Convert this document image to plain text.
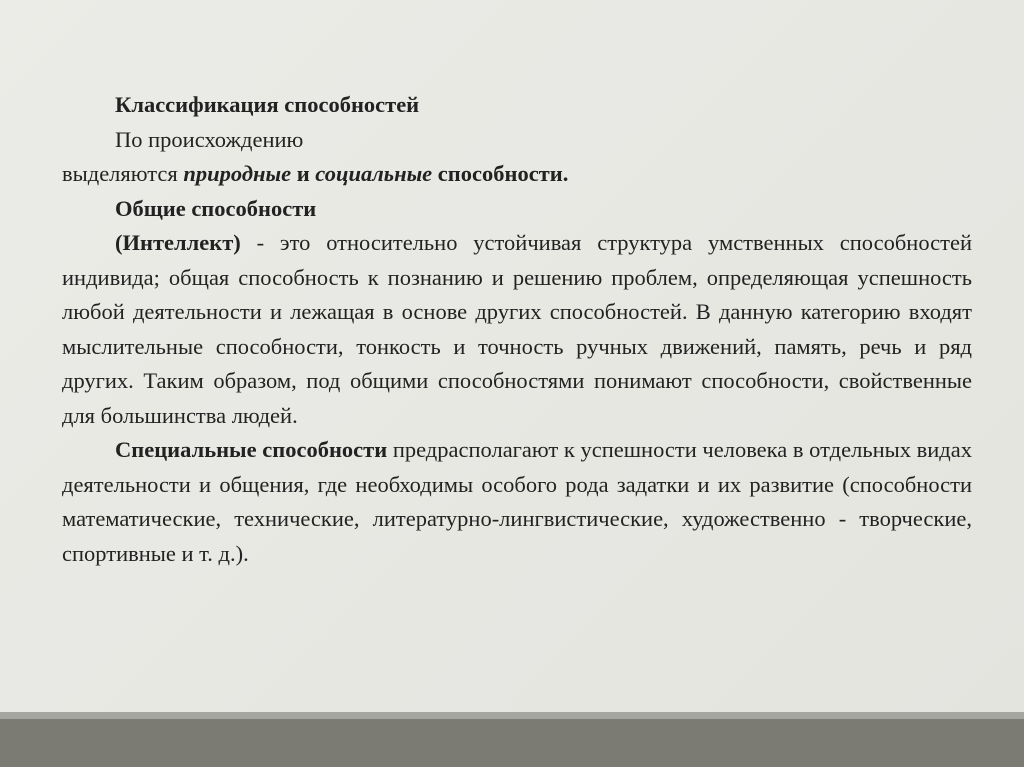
Классификация способностей

По происхождению

выделяются природные и социальные способности.

Общие способности

(Интеллект) - это относительно устойчивая структура умственных способностей индивида; общая способность к познанию и решению проблем, определяющая успешность любой деятельности и лежащая в основе других способностей. В данную категорию входят мыслительные способности, тонкость и точность ручных движений, память, речь и ряд других. Таким образом, под общими способностями понимают способности, свойственные для большинства людей.

Специальные способности предрасполагают к успешности человека в отдельных видах деятельности и общения, где необходимы особого рода задатки и их развитие (способности математические, технические, литературно-лингвистические, художественно - творческие, спортивные и т. д.).
